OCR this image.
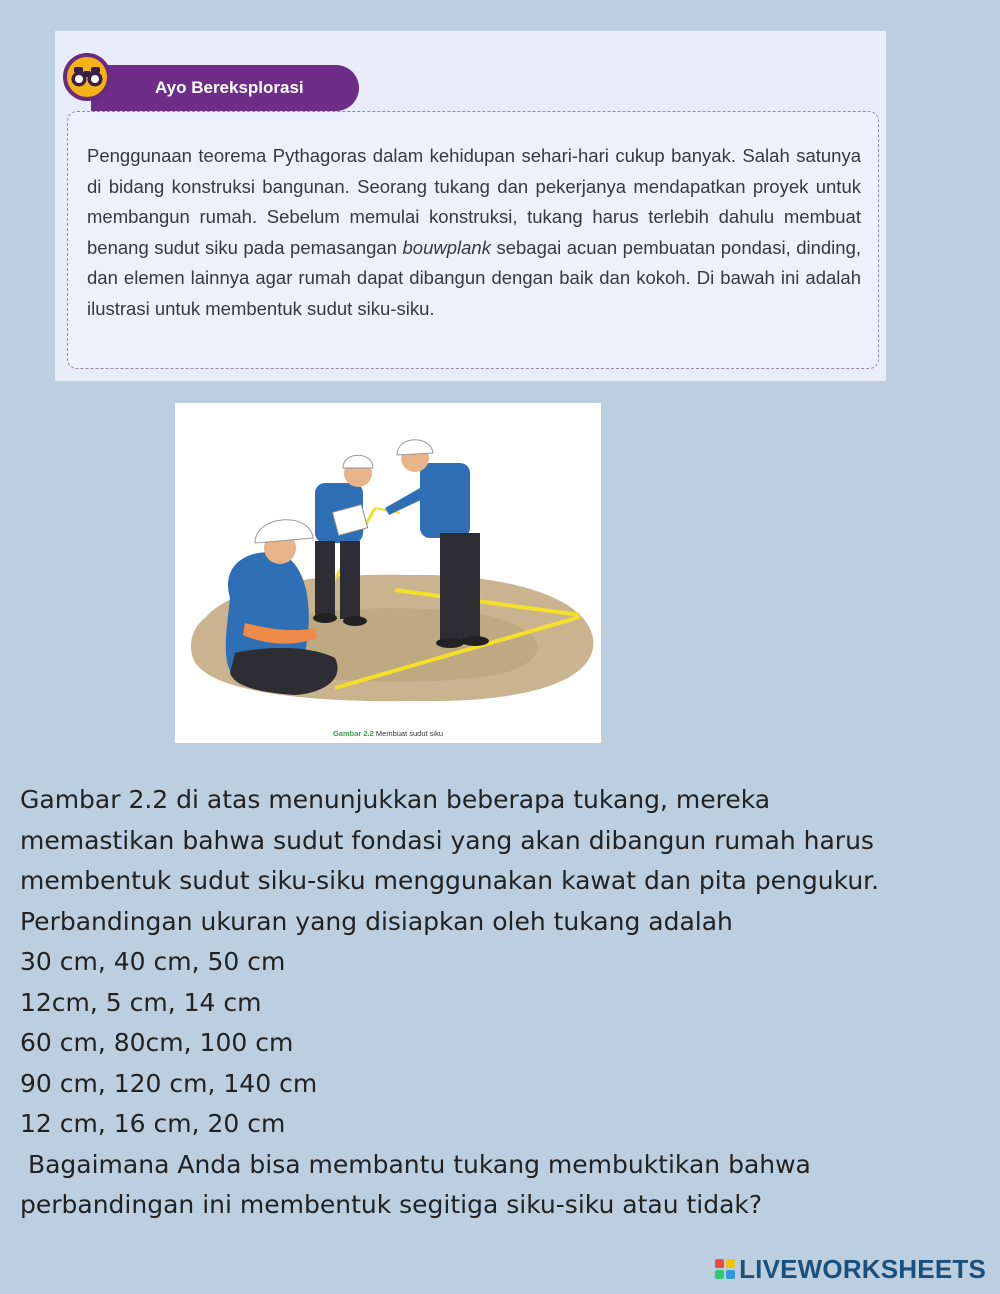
Ayo Bereksplorasi

Penggunaan teorema Pythagoras dalam kehidupan sehari-hari cukup banyak. Salah satunya di bidang konstruksi bangunan. Seorang tukang dan pekerjanya mendapatkan proyek untuk membangun rumah. Sebelum memulai konstruksi, tukang harus terlebih dahulu membuat benang sudut siku pada pemasangan bouwplank sebagai acuan pembuatan pondasi, dinding, dan elemen lainnya agar rumah dapat dibangun dengan baik dan kokoh. Di bawah ini adalah ilustrasi untuk membentuk sudut siku-siku.

Gambar 2.2 Membuat sudut siku

Gambar 2.2 di atas menunjukkan beberapa tukang, mereka

memastikan bahwa sudut fondasi yang akan dibangun rumah harus

membentuk sudut siku-siku menggunakan kawat dan pita pengukur.

Perbandingan ukuran yang disiapkan oleh tukang adalah

30 cm, 40 cm, 50 cm

12cm, 5 cm, 14 cm

60 cm, 80cm, 100 cm

90 cm, 120 cm, 140 cm

12 cm, 16 cm, 20 cm

Bagaimana Anda bisa membantu tukang membuktikan bahwa

perbandingan ini membentuk segitiga siku-siku atau tidak?

LIVEWORKSHEETS
